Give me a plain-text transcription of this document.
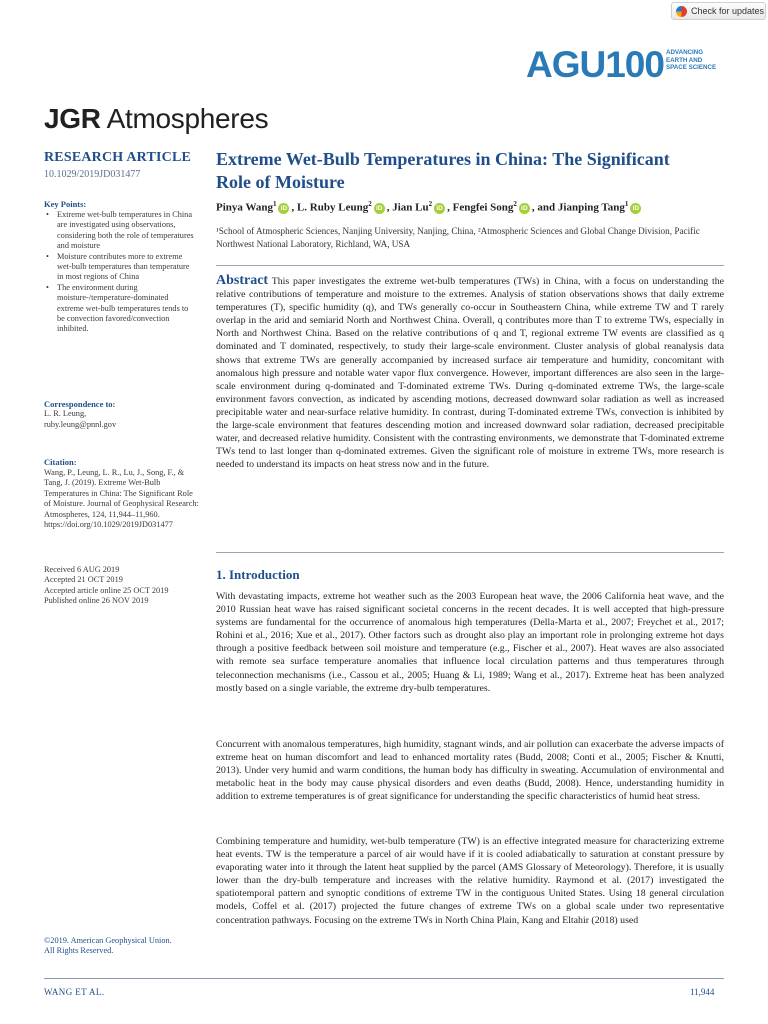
Check for updates
AGU100 ADVANCING
EARTH AND
SPACE SCIENCE
JGR Atmospheres
RESEARCH ARTICLE
10.1029/2019JD031477
Key Points:
• Extreme wet-bulb temperatures in China are investigated using observations, considering both the role of temperatures and moisture
• Moisture contributes more to extreme wet-bulb temperatures than temperature in most regions of China
• The environment during moisture-/temperature-dominated extreme wet-bulb temperatures tends to be convection favored/convection inhibited.
Correspondence to:
L. R. Leung,
ruby.leung@pnnl.gov
Citation:
Wang, P., Leung, L. R., Lu, J., Song, F., & Tang, J. (2019). Extreme Wet-Bulb Temperatures in China: The Significant Role of Moisture. Journal of Geophysical Research: Atmospheres, 124, 11,944–11,960. https://doi.org/10.1029/2019JD031477
Received 6 AUG 2019
Accepted 21 OCT 2019
Accepted article online 25 OCT 2019
Published online 26 NOV 2019
©2019. American Geophysical Union.
All Rights Reserved.
Extreme Wet-Bulb Temperatures in China: The Significant Role of Moisture
Pinya Wang$^1$iD , L. Ruby Leung$^2$iD , Jian Lu$^2$iD , Fengfei Song$^2$iD , and Jianping Tang$^1$iD
¹School of Atmospheric Sciences, Nanjing University, Nanjing, China, ²Atmospheric Sciences and Global Change Division, Pacific Northwest National Laboratory, Richland, WA, USA
Abstract This paper investigates the extreme wet-bulb temperatures (TWs) in China, with a focus on understanding the relative contributions of temperature and moisture to the extremes. Analysis of station observations shows that daily extreme temperatures (T), specific humidity (q), and TWs generally co-occur in Southeastern China, while extreme TW and T rarely overlap in the arid and semiarid North and Northwest China. Overall, q contributes more than T to extreme TWs, especially in North and Northwest China. Based on the relative contributions of q and T, regional extreme TW events are classified as q dominated and T dominated, respectively, to study their large-scale environment. Cluster analysis of global reanalysis data shows that extreme TWs are generally accompanied by increased surface air temperature and humidity, concomitant with anomalous high pressure and notable water vapor flux convergence. However, important differences are also seen in the large-scale environment during q-dominated and T-dominated extreme TWs. During q-dominated extreme TWs, the large-scale environment favors convection, as indicated by ascending motions, decreased downward solar radiation as well as increased precipitable water and near-surface relative humidity. In contrast, during T-dominated extreme TWs, convection is inhibited by the large-scale environment that features descending motion and increased downward solar radiation, decreased precipitable water, and decreased relative humidity. Consistent with the contrasting environments, we demonstrate that T-dominated extreme TWs tend to last longer than q-dominated extremes. Given the significant role of moisture in extreme TWs, more research is needed to understand its impacts on heat stress now and in the future.
1. Introduction
With devastating impacts, extreme hot weather such as the 2003 European heat wave, the 2006 California heat wave, and the 2010 Russian heat wave has raised significant societal concerns in the recent decades. It is well accepted that high-pressure systems are fundamental for the occurrence of anomalous high temperatures (Della-Marta et al., 2007; Freychet et al., 2017; Rohini et al., 2016; Xue et al., 2017). Other factors such as drought also play an important role in prolonging extreme hot days through a positive feedback between soil moisture and temperature (e.g., Fischer et al., 2007). Heat waves are also associated with remote sea surface temperature anomalies that influence local circulation patterns and thus temperatures through teleconnection mechanisms (i.e., Cassou et al., 2005; Huang & Li, 1989; Wang et al., 2017). Extreme heat has been analyzed mostly based on a single variable, the extreme dry-bulb temperatures.
Concurrent with anomalous temperatures, high humidity, stagnant winds, and air pollution can exacerbate the adverse impacts of extreme heat on human discomfort and lead to enhanced mortality rates (Budd, 2008; Conti et al., 2005; Fischer & Knutti, 2013). Under very humid and warm conditions, the human body has difficulty in sweating. Accumulation of environmental and metabolic heat in the body may cause physical disorders and even deaths (Budd, 2008). Hence, understanding humidity in addition to extreme temperatures is of great significance for understanding the specific characteristics of humid heat stress.
Combining temperature and humidity, wet-bulb temperature (TW) is an effective integrated measure for characterizing extreme heat events. TW is the temperature a parcel of air would have if it is cooled adiabatically to saturation at constant pressure by evaporating water into it through the latent heat supplied by the parcel (AMS Glossary of Meteorology). Therefore, it is usually lower than the dry-bulb temperature and increases with the relative humidity. Raymond et al. (2017) investigated the spatiotemporal pattern and synoptic conditions of extreme TW in the contiguous United States. Using 18 general circulation models, Coffel et al. (2017) projected the future changes of extreme TWs on a global scale under two representative concentration pathways. Focusing on the extreme TWs in North China Plain, Kang and Eltahir (2018) used
WANG ET AL.	11,944
